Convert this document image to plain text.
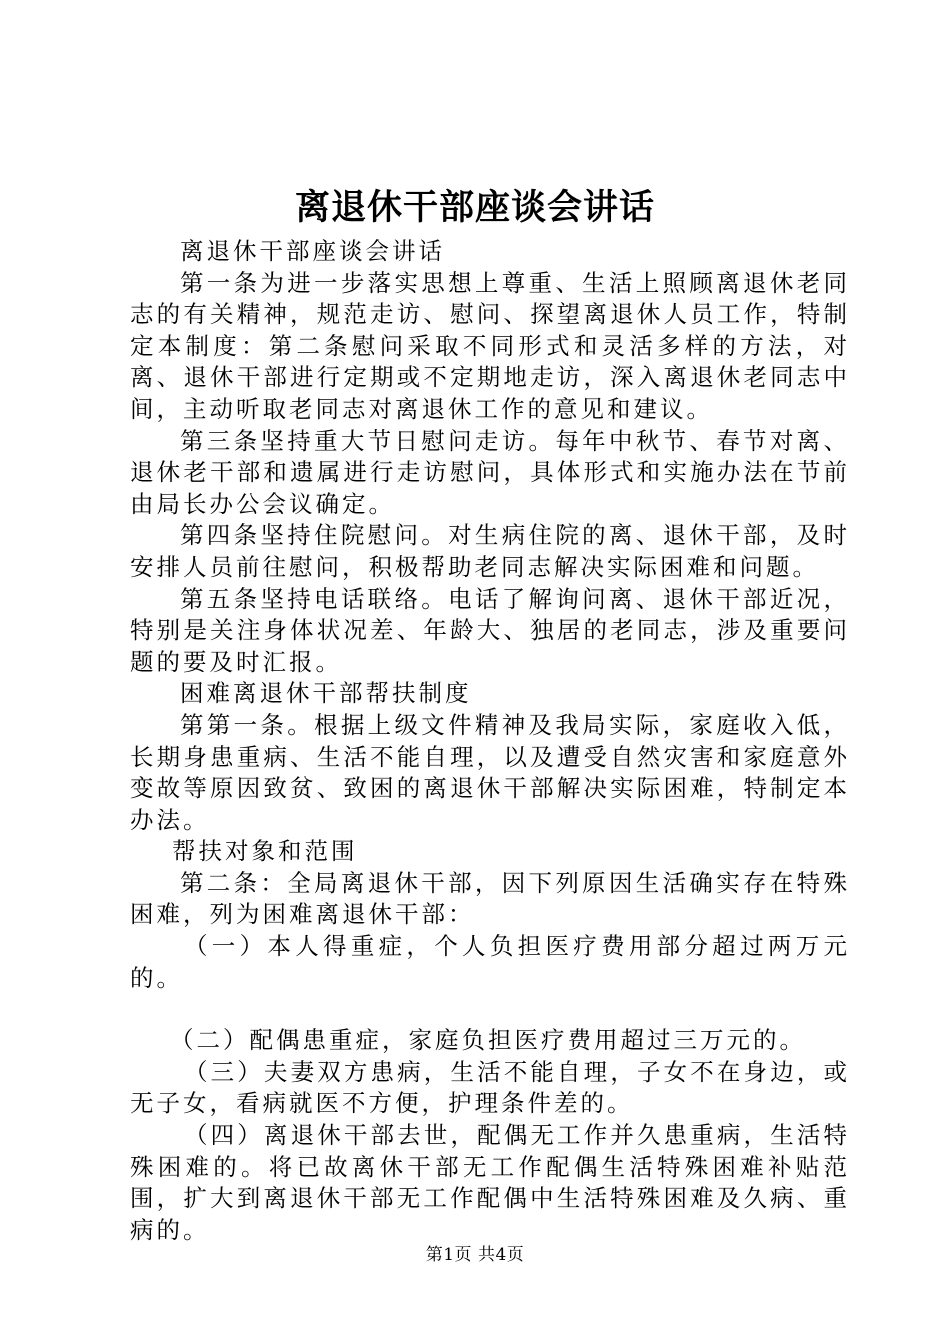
离退休干部座谈会讲话

离退休干部座谈会讲话

第一条为进一步落实思想上尊重、生活上照顾离退休老同志的有关精神，规范走访、慰问、探望离退休人员工作，特制定本制度：第二条慰问采取不同形式和灵活多样的方法，对离、退休干部进行定期或不定期地走访，深入离退休老同志中间，主动听取老同志对离退休工作的意见和建议。

第三条坚持重大节日慰问走访。每年中秋节、春节对离、退休老干部和遗属进行走访慰问，具体形式和实施办法在节前由局长办公会议确定。

第四条坚持住院慰问。对生病住院的离、退休干部，及时安排人员前往慰问，积极帮助老同志解决实际困难和问题。

第五条坚持电话联络。电话了解询问离、退休干部近况，特别是关注身体状况差、年龄大、独居的老同志，涉及重要问题的要及时汇报。

困难离退休干部帮扶制度

第第一条。根据上级文件精神及我局实际，家庭收入低，长期身患重病、生活不能自理，以及遭受自然灾害和家庭意外变故等原因致贫、致困的离退休干部解决实际困难，特制定本办法。

帮扶对象和范围

第二条：全局离退休干部，因下列原因生活确实存在特殊困难，列为困难离退休干部：

（一）本人得重症，个人负担医疗费用部分超过两万元的。

（二）配偶患重症，家庭负担医疗费用超过三万元的。

（三）夫妻双方患病，生活不能自理，子女不在身边，或无子女，看病就医不方便，护理条件差的。

（四）离退休干部去世，配偶无工作并久患重病，生活特殊困难的。将已故离休干部无工作配偶生活特殊困难补贴范围，扩大到离退休干部无工作配偶中生活特殊困难及久病、重病的。

第1页 共4页
